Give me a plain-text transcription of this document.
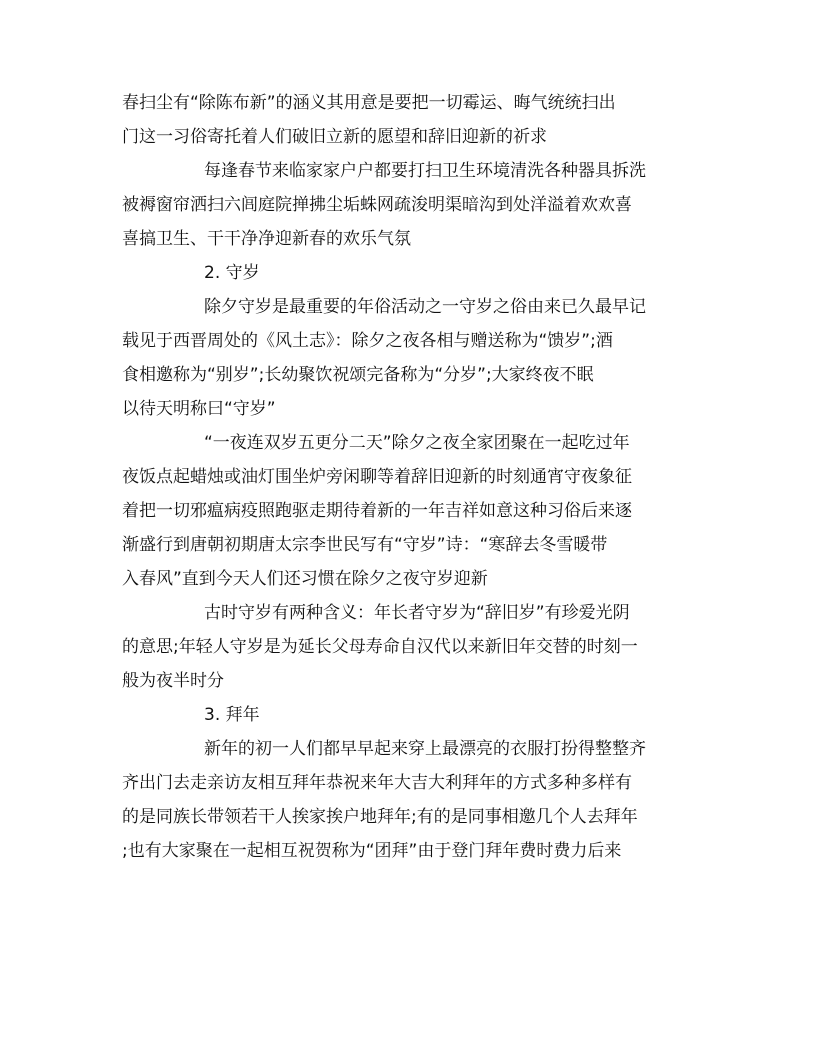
春扫尘有“除陈布新”的涵义其用意是要把一切霉运、晦气统统扫出
门这一习俗寄托着人们破旧立新的愿望和辞旧迎新的祈求
每逢春节来临家家户户都要打扫卫生环境清洗各种器具拆洗
被褥窗帘洒扫六闾庭院掸拂尘垢蛛网疏浚明渠暗沟到处洋溢着欢欢喜
喜搞卫生、干干净净迎新春的欢乐气氛
2. 守岁
除夕守岁是最重要的年俗活动之一守岁之俗由来已久最早记
载见于西晋周处的《风土志》：除夕之夜各相与赠送称为“馈岁”;酒
食相邀称为“别岁”;长幼聚饮祝颂完备称为“分岁”;大家终夜不眠
以待天明称曰“守岁”
“一夜连双岁五更分二天”除夕之夜全家团聚在一起吃过年
夜饭点起蜡烛或油灯围坐炉旁闲聊等着辞旧迎新的时刻通宵守夜象征
着把一切邪瘟病疫照跑驱走期待着新的一年吉祥如意这种习俗后来逐
渐盛行到唐朝初期唐太宗李世民写有“守岁”诗：“寒辞去冬雪暖带
入春风”直到今天人们还习惯在除夕之夜守岁迎新
古时守岁有两种含义：年长者守岁为“辞旧岁”有珍爱光阴
的意思;年轻人守岁是为延长父母寿命自汉代以来新旧年交替的时刻一
般为夜半时分
3. 拜年
新年的初一人们都早早起来穿上最漂亮的衣服打扮得整整齐
齐出门去走亲访友相互拜年恭祝来年大吉大利拜年的方式多种多样有
的是同族长带领若干人挨家挨户地拜年;有的是同事相邀几个人去拜年
;也有大家聚在一起相互祝贺称为“团拜”由于登门拜年费时费力后来
